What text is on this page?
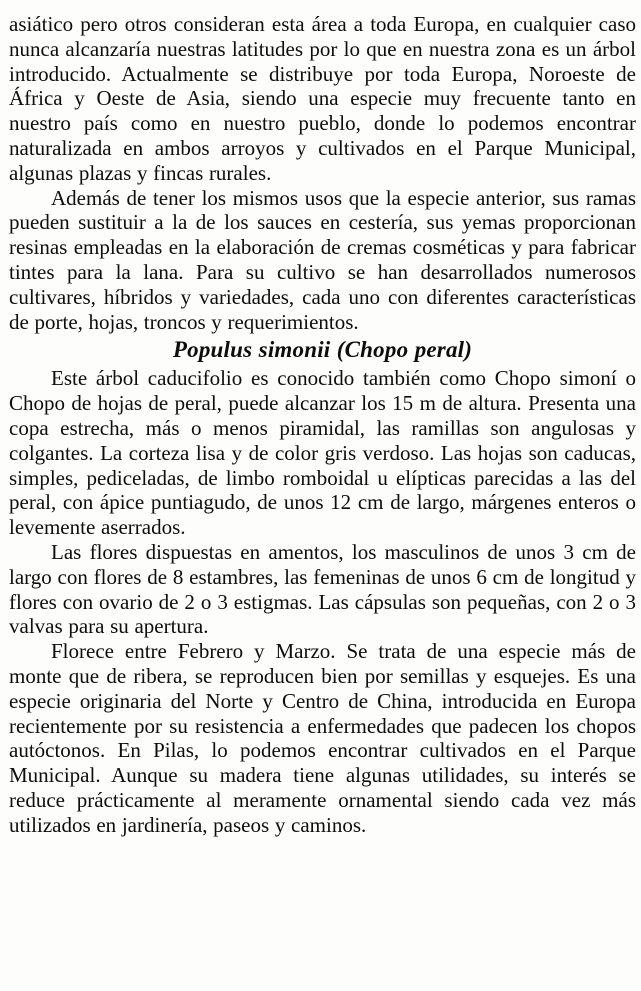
asiático pero otros consideran esta área a toda Europa, en cualquier caso nunca alcanzaría nuestras latitudes por lo que en nuestra zona es un árbol introducido. Actualmente se distribuye por toda Europa, Noroeste de África y Oeste de Asia, siendo una especie muy frecuente tanto en nuestro país como en nuestro pueblo, donde lo podemos encontrar naturalizada en ambos arroyos y cultivados en el Parque Municipal, algunas plazas y fincas rurales.

Además de tener los mismos usos que la especie anterior, sus ramas pueden sustituir a la de los sauces en cestería, sus yemas proporcionan resinas empleadas en la elaboración de cremas cosméticas y para fabricar tintes para la lana. Para su cultivo se han desarrollados numerosos cultivares, híbridos y variedades, cada uno con diferentes características de porte, hojas, troncos y requerimientos.

Populus simonii (Chopo peral)

Este árbol caducifolio es conocido también como Chopo simoní o Chopo de hojas de peral, puede alcanzar los 15 m de altura. Presenta una copa estrecha, más o menos piramidal, las ramillas son angulosas y colgantes. La corteza lisa y de color gris verdoso. Las hojas son caducas, simples, pediceladas, de limbo romboidal u elípticas parecidas a las del peral, con ápice puntiagudo, de unos 12 cm de largo, márgenes enteros o levemente aserrados.

Las flores dispuestas en amentos, los masculinos de unos 3 cm de largo con flores de 8 estambres, las femeninas de unos 6 cm de longitud y flores con ovario de 2 o 3 estigmas. Las cápsulas son pequeñas, con 2 o 3 valvas para su apertura.

Florece entre Febrero y Marzo. Se trata de una especie más de monte que de ribera, se reproducen bien por semillas y esquejes. Es una especie originaria del Norte y Centro de China, introducida en Europa recientemente por su resistencia a enfermedades que padecen los chopos autóctonos. En Pilas, lo podemos encontrar cultivados en el Parque Municipal. Aunque su madera tiene algunas utilidades, su interés se reduce prácticamente al meramente ornamental siendo cada vez más utilizados en jardinería, paseos y caminos.
